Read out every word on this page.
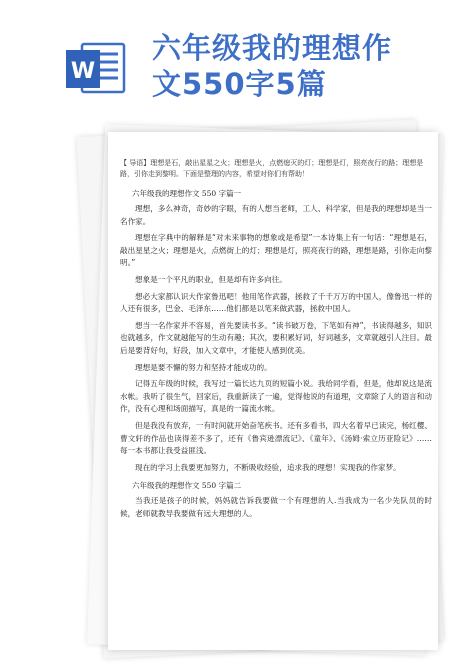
W
六年级我的理想作
文550字5篇

【 导语】理想是石，敲出星星之火；理想是火，点燃熄灭的灯；理想是灯，照亮夜行的路；理想是路，引你走到黎明。下面是整理的内容，希望对你们有帮助！

六年级我的理想作文 550 字篇一

理想，多么神奇，奇妙的字眼，有的人想当老师，工人、科学家，但是我的理想却是当一名作家。

理想在字典中的解释是“对未来事物的想象或是希望”一本诗集上有一句话：“理想是石，敲出星星之火；理想是火，点燃街上的灯；理想是灯，照亮夜行的路，理想是路，引你走向黎明。”

想象是一个平凡的职业，但是却有许多向往。

想必大家都认识大作家鲁迅吧！他用笔作武器，拯救了千千万万的中国人，像鲁迅一样的人还有很多，巴金、毛泽东……他们都是以笔来做武器，拯救中国人。

想当一名作家并不容易，首先要读书多。“读书破万卷，下笔如有神”，书读得越多，知识也就越多，作文就越能写的生动有趣；其次，要积累好词，好词越多，文章就越引人注目。最后是要背好句，好段，加入文章中，才能使人感到优美。

理想是要不懈的努力和坚持才能成功的。

记得五年级的时候，我写过一篇长达九页的短篇小说。我给同学看，但是，他却说这是流水帐。我听了很生气，回家后，我重新读了一遍，觉得他说的有道理，文章除了人的语言和动作，没有心理和场面描写，真是的一篇流水帐。

但是我没有放弃，一有时间就开始奋笔疾书。还有多看书，四大名着早已读完，杨红樱、曹文轩的作品也读得差不多了，还有《鲁宾逊漂流记》、《童年》、《汤姆·索立历亚险记》……每一本书都让我受益匪浅。

现在的学习上我要更加努力，不断吸收经验，追求我的理想！实现我的作家梦。

六年级我的理想作文 550 字篇二

当我还是孩子的时候，妈妈就告诉我要做一个有理想的人.当我成为一名少先队员的时候，老师就教导我要做有远大理想的人。
